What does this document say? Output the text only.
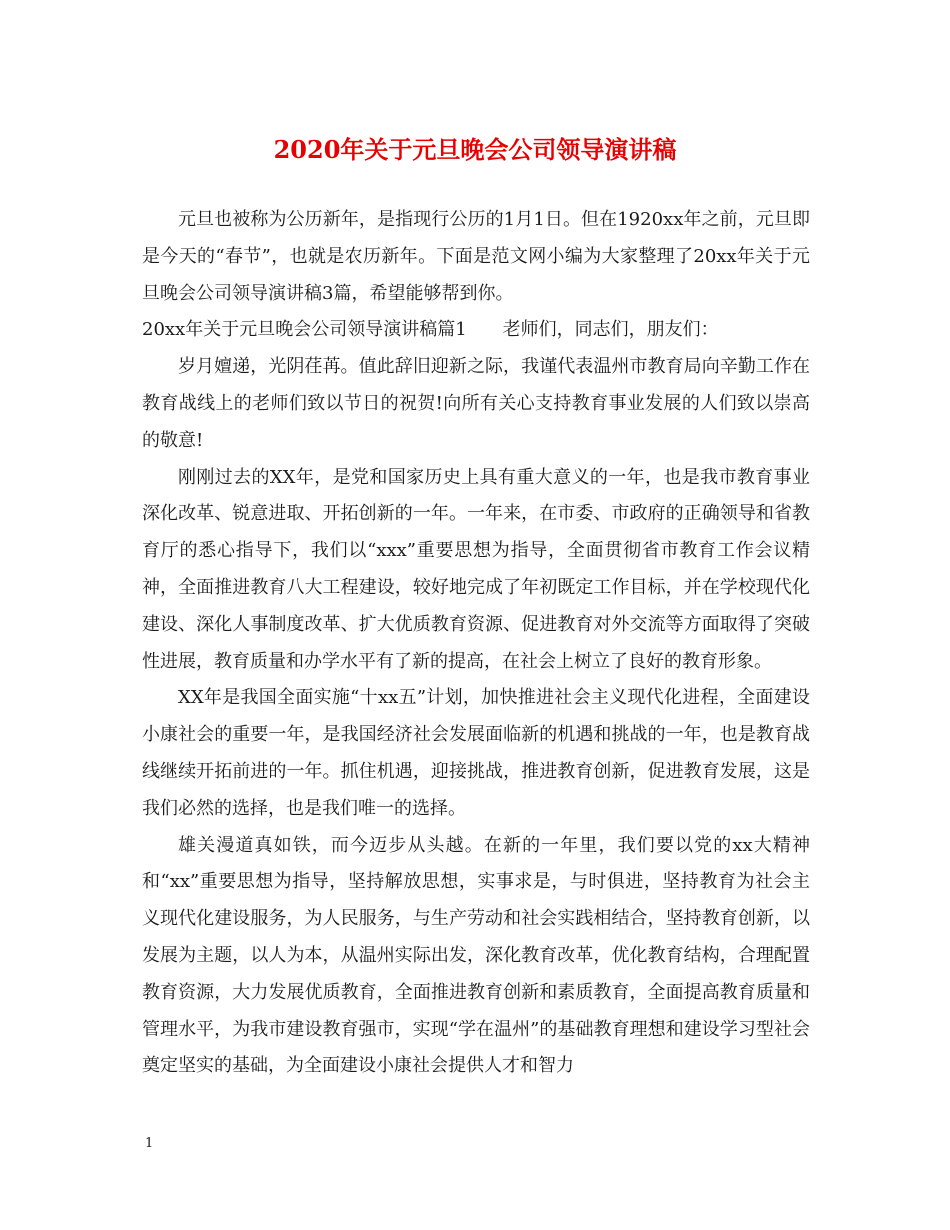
2020年关于元旦晚会公司领导演讲稿

元旦也被称为公历新年，是指现行公历的1月1日。但在1920xx年之前，元旦即是今天的“春节”，也就是农历新年。下面是范文网小编为大家整理了20xx年关于元旦晚会公司领导演讲稿3篇，希望能够帮到你。

20xx年关于元旦晚会公司领导演讲稿篇1　　老师们，同志们，朋友们：

岁月嬗递，光阴荏苒。值此辞旧迎新之际，我谨代表温州市教育局向辛勤工作在教育战线上的老师们致以节日的祝贺!向所有关心支持教育事业发展的人们致以崇高的敬意!

刚刚过去的XX年，是党和国家历史上具有重大意义的一年，也是我市教育事业深化改革、锐意进取、开拓创新的一年。一年来，在市委、市政府的正确领导和省教育厅的悉心指导下，我们以“xxx”重要思想为指导，全面贯彻省市教育工作会议精神，全面推进教育八大工程建设，较好地完成了年初既定工作目标，并在学校现代化建设、深化人事制度改革、扩大优质教育资源、促进教育对外交流等方面取得了突破性进展，教育质量和办学水平有了新的提高，在社会上树立了良好的教育形象。

XX年是我国全面实施“十xx五”计划，加快推进社会主义现代化进程，全面建设小康社会的重要一年，是我国经济社会发展面临新的机遇和挑战的一年，也是教育战线继续开拓前进的一年。抓住机遇，迎接挑战，推进教育创新，促进教育发展，这是我们必然的选择，也是我们唯一的选择。

雄关漫道真如铁，而今迈步从头越。在新的一年里，我们要以党的xx大精神和“xx”重要思想为指导，坚持解放思想，实事求是，与时俱进，坚持教育为社会主义现代化建设服务，为人民服务，与生产劳动和社会实践相结合，坚持教育创新，以发展为主题，以人为本，从温州实际出发，深化教育改革，优化教育结构，合理配置教育资源，大力发展优质教育，全面推进教育创新和素质教育，全面提高教育质量和管理水平，为我市建设教育强市，实现“学在温州”的基础教育理想和建设学习型社会奠定坚实的基础，为全面建设小康社会提供人才和智力

1
